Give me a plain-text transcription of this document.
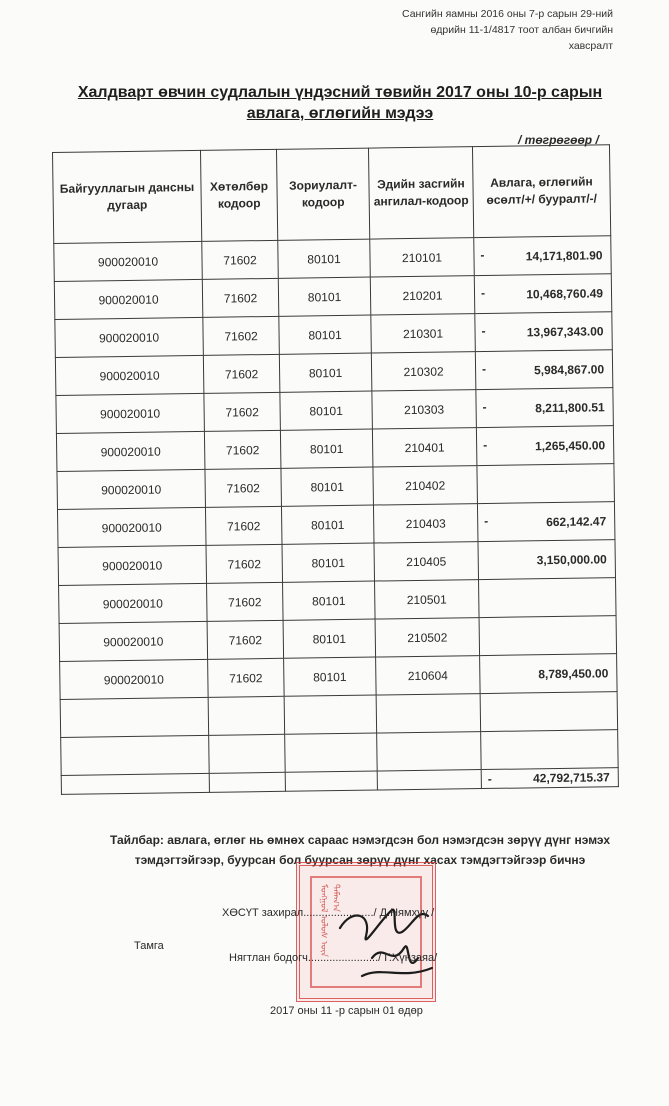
Сангийн яамны 2016 оны 7-р сарын 29-ний
өдрийн 11-1/4817 тоот албан бичгийн
хавсралт
Халдварт өвчин судлалын үндэсний төвийн 2017 оны 10-р сарын
авлага, өглөгийн мэдээ
/ төгрөгөөр /
Байгууллагын дансны дугаар	Хөтөлбөр кодоор	Зориулалт-кодоор	Эдийн засгийн ангилал-кодоор	Авлага, өглөгийн өсөлт/+/ бууралт/-/
900020010	71602	80101	210101	- 14,171,801.90
900020010	71602	80101	210201	- 10,468,760.49
900020010	71602	80101	210301	- 13,967,343.00
900020010	71602	80101	210302	- 5,984,867.00
900020010	71602	80101	210303	- 8,211,800.51
900020010	71602	80101	210401	- 1,265,450.00
900020010	71602	80101	210402	

900020010	71602	80101	210403	- 662,142.47
900020010	71602	80101	210405	3,150,000.00
900020010	71602	80101	210501	

900020010	71602	80101	210502	

900020010	71602	80101	210604	8,789,450.00

				- 42,792,715.37
Тайлбар: авлага, өглөг нь өмнөх сараас нэмэгдсэн бол нэмэгдсэн зөрүү дүнг нэмэх
тэмдэгтэйгээр, буурсан бол буурсан зөрүү дүнг хасах тэмдэгтэйгээр бичнэ
ᠮᠣᠩᠭᠣᠯ ᠤᠯᠤᠰ ᠦᠨ ᠲᠠᠮᠠᠭ᠎ᠠ
Тамга
ХӨСҮТ захирал......................./ Д.Нямхүү /
Нягтлан бодогч......................./ Г.Хүнзаяа/
2017 оны 11 -р сарын 01 өдөр
